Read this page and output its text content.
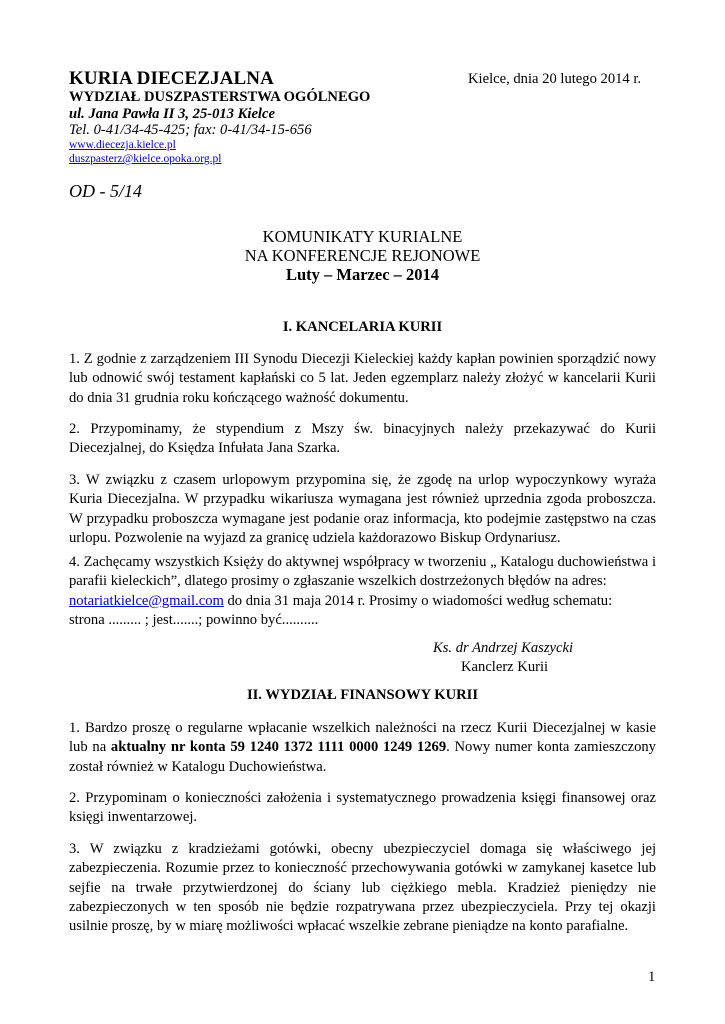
KURIA DIECEZJALNA	Kielce, dnia 20 lutego 2014 r.
WYDZIAŁ DUSZPASTERSTWA OGÓLNEGO
ul. Jana Pawła II 3, 25-013 Kielce
Tel. 0-41/34-45-425; fax: 0-41/34-15-656
www.diecezja.kielce.pl
duszpasterz@kielce.opoka.org.pl
OD - 5/14
KOMUNIKATY KURIALNE
NA KONFERENCJE REJONOWE
Luty – Marzec – 2014
I. KANCELARIA KURII

1. Z godnie z zarządzeniem III Synodu Diecezji Kieleckiej każdy kapłan powinien sporządzić nowy lub odnowić swój testament kapłański co 5 lat. Jeden egzemplarz należy złożyć w kancelarii Kurii do dnia 31 grudnia roku kończącego ważność dokumentu.

2. Przypominamy, że stypendium z Mszy św. binacyjnych należy przekazywać do Kurii Diecezjalnej, do Księdza Infułata Jana Szarka.

3. W związku z czasem urlopowym przypomina się, że zgodę na urlop wypoczynkowy wyraża Kuria Diecezjalna. W przypadku wikariusza wymagana jest również uprzednia zgoda proboszcza. W przypadku proboszcza wymagane jest podanie oraz informacja, kto podejmie zastępstwo na czas urlopu. Pozwolenie na wyjazd za granicę udziela każdorazowo Biskup Ordynariusz.

4. Zachęcamy wszystkich Księży do aktywnej współpracy w tworzeniu „ Katalogu duchowieństwa i parafii kieleckich”, dlatego prosimy o zgłaszanie wszelkich dostrzeżonych błędów na adres:
notariatkielce@gmail.com do dnia 31 maja 2014 r. Prosimy o wiadomości według schematu:
strona ......... ; jest.......; powinno być..........
Ks. dr Andrzej Kaszycki
Kanclerz Kurii
II. WYDZIAŁ FINANSOWY KURII

1. Bardzo proszę o regularne wpłacanie wszelkich należności na rzecz Kurii Diecezjalnej w kasie lub na aktualny nr konta 59 1240 1372 1111 0000 1249 1269. Nowy numer konta zamieszczony został również w Katalogu Duchowieństwa.

2. Przypominam o konieczności założenia i systematycznego prowadzenia księgi finansowej oraz księgi inwentarzowej.

3. W związku z kradzieżami gotówki, obecny ubezpieczyciel domaga się właściwego jej zabezpieczenia. Rozumie przez to konieczność przechowywania gotówki w zamykanej kasetce lub sejfie na trwałe przytwierdzonej do ściany lub ciężkiego mebla. Kradzież pieniędzy nie zabezpieczonych w ten sposób nie będzie rozpatrywana przez ubezpieczyciela. Przy tej okazji usilnie proszę, by w miarę możliwości wpłacać wszelkie zebrane pieniądze na konto parafialne.

1
